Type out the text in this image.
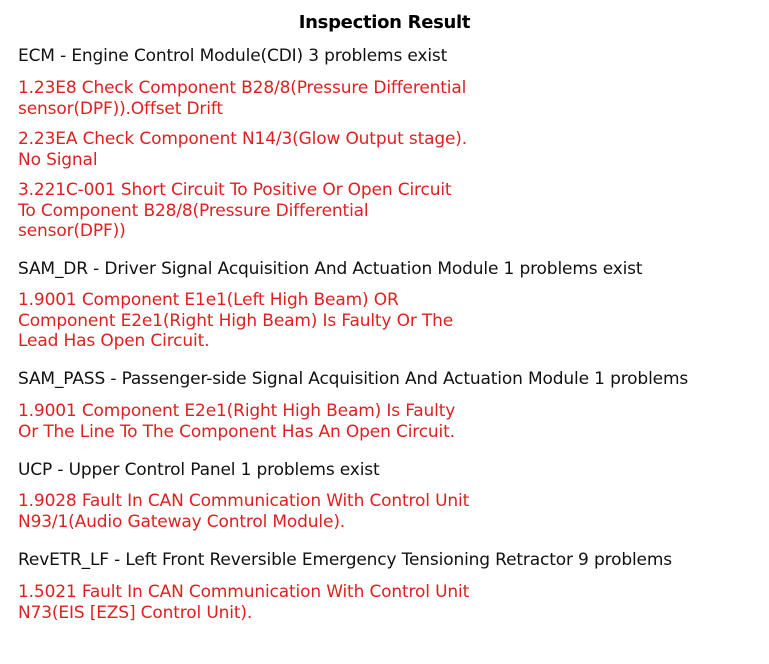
Inspection Result
ECM - Engine Control Module(CDI) 3 problems exist
1.23E8 Check Component B28/8(Pressure Differential
sensor(DPF)).Offset Drift
2.23EA Check Component N14/3(Glow Output stage).
No Signal
3.221C-001 Short Circuit To Positive Or Open Circuit
To Component B28/8(Pressure Differential
sensor(DPF))
SAM_DR - Driver Signal Acquisition And Actuation Module 1 problems exist
1.9001 Component E1e1(Left High Beam) OR
Component E2e1(Right High Beam) Is Faulty Or The
Lead Has Open Circuit.
SAM_PASS - Passenger-side Signal Acquisition And Actuation Module 1 problems
1.9001 Component E2e1(Right High Beam) Is Faulty
Or The Line To The Component Has An Open Circuit.
UCP - Upper Control Panel 1 problems exist
1.9028 Fault In CAN Communication With Control Unit
N93/1(Audio Gateway Control Module).
RevETR_LF - Left Front Reversible Emergency Tensioning Retractor 9 problems
1.5021 Fault In CAN Communication With Control Unit
N73(EIS [EZS] Control Unit).
